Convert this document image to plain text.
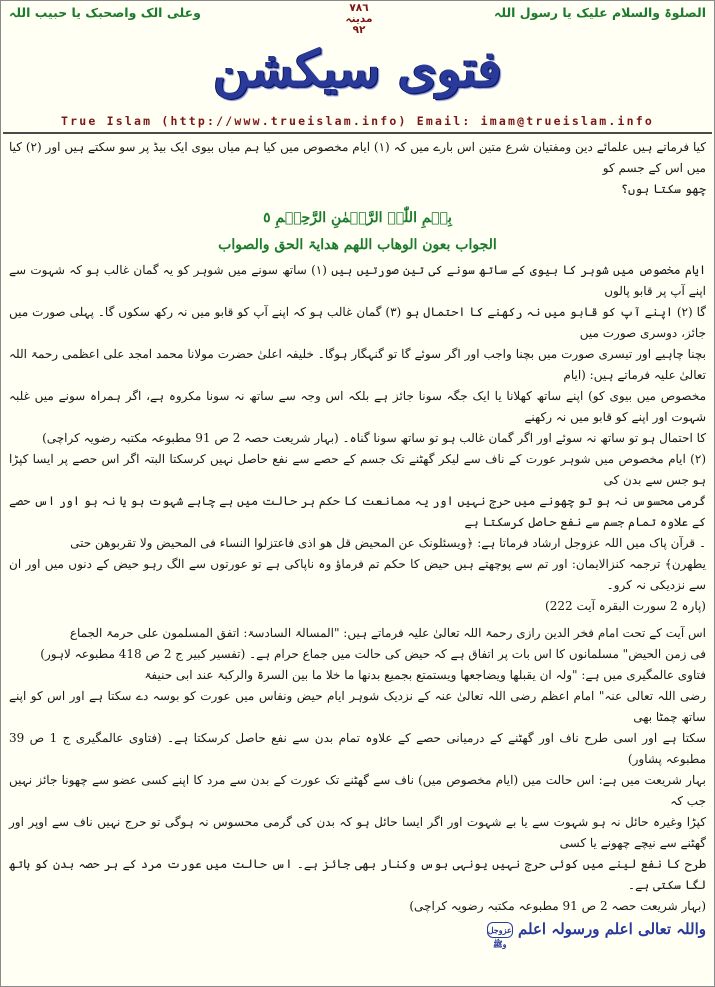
الصلوۃ والسلام علیک یا رسول اللہ
وعلی الک واصحبک یا حبیب اللہ	٧٨٦
مدینہ
٩٢
فتوی سیکشن
True Islam (http://www.trueislam.info) Email: imam@trueislam.info

کیا فرماتے ہیں علمائے دین ومفتیان شرع متین اس بارے میں کہ (١) ایام مخصوص میں کیا ہم میاں بیوی ایک بیڈ پر سو سکتے ہیں اور (٢) کیا میں اس کے جسم کو

چھو سکتا ہوں؟

بِسۡمِ اللّٰہِ الرَّحۡمٰنِ الرَّحِیۡمِ ٥

الجواب بعون الوھاب اللھم ھدایۃ الحق والصواب

ایام مخصوص میں شوہر کا بیوی کے ساتھ سونے کی تین صورتیں ہیں (١) ساتھ سونے میں شوہر کو یہ گمان غالب ہو کہ شہوت سے اپنے آپ پر قابو پالوں

گا (٢) اپنے آپ کو قابو میں نہ رکھنے کا احتمال ہو (٣) گمان غالب ہو کہ اپنے آپ کو قابو میں نہ رکھ سکوں گا۔ پہلی صورت میں جائز، دوسری صورت میں

بچنا چاہیے اور تیسری صورت میں بچنا واجب اور اگر سوئے گا تو گنہگار ہوگا۔ خلیفہ اعلیٰ حضرت مولانا محمد امجد علی اعظمی رحمۃ اللہ تعالیٰ علیہ فرماتے ہیں: (ایام

مخصوص میں بیوی کو) اپنے ساتھ کھلانا یا ایک جگہ سونا جائز ہے بلکہ اس وجہ سے ساتھ نہ سونا مکروہ ہے، اگر ہمراہ سونے میں غلبہ شہوت اور اپنے کو قابو میں نہ رکھنے

کا احتمال ہو تو ساتھ نہ سوئے اور اگر گمان غالب ہو تو ساتھ سونا گناہ۔ (بہار شریعت حصہ 2 ص 91 مطبوعہ مکتبہ رضویہ کراچی)

(٢) ایام مخصوص میں شوہر عورت کے ناف سے لیکر گھٹنے تک جسم کے حصے سے نفع حاصل نہیں کرسکتا البتہ اگر اس حصے پر ایسا کپڑا ہو جس سے بدن کی

گرمی محسوس نہ ہو تو چھونے میں حرج نہیں اور یہ ممانعت کا حکم ہر حالت میں ہے چاہے شہوت ہو یا نہ ہو اور اس حصے کے علاوہ تمام جسم سے نفع حاصل کرسکتا ہے

۔ قرآن پاک میں اللہ عزوجل ارشاد فرماتا ہے: ﴿ویسئلونک عن المحیض قل ھو اذی فاعتزلوا النساء فی المحیض ولا تقربوھن حتی

یطھرن﴾ ترجمہ کنزالایمان: اور تم سے پوچھتے ہیں حیض کا حکم تم فرماؤ وہ ناپاکی ہے تو عورتوں سے الگ رہو حیض کے دنوں میں اور ان سے نزدیکی نہ کرو۔

(پارہ 2 سورت البقرہ آیت 222)

اس آیت کے تحت امام فخر الدین رازی رحمۃ اللہ تعالیٰ علیہ فرماتے ہیں: "المسالۃ السادسۃ: اتفق المسلمون علی حرمۃ الجماع

فی زمن الحیض" مسلمانوں کا اس بات پر اتفاق ہے کہ حیض کی حالت میں جماع حرام ہے۔ (تفسیر کبیر ج 2 ص 418 مطبوعہ لاہور)

فتاوی عالمگیری میں ہے: "ولہ ان یقبلھا ویضاجعھا ویستمتع بجمیع بدنھا ما خلا ما بین السرۃ والرکبۃ عند ابی حنیفۃ

رضی اللہ تعالی عنہ" امام اعظم رضی اللہ تعالیٰ عنہ کے نزدیک شوہر ایام حیض ونفاس میں عورت کو بوسہ دے سکتا ہے اور اس کو اپنے ساتھ چمٹا بھی

سکتا ہے اور اسی طرح ناف اور گھٹنے کے درمیانی حصے کے علاوہ تمام بدن سے نفع حاصل کرسکتا ہے۔ (فتاوی عالمگیری ج 1 ص 39 مطبوعہ پشاور)

بہار شریعت میں ہے: اس حالت میں (ایام مخصوص میں) ناف سے گھٹنے تک عورت کے بدن سے مرد کا اپنے کسی عضو سے چھونا جائز نہیں جب کہ

کپڑا وغیرہ حائل نہ ہو شہوت سے یا بے شہوت اور اگر ایسا حائل ہو کہ بدن کی گرمی محسوس نہ ہوگی تو حرج نہیں ناف سے اوپر اور گھٹنے سے نیچے چھونے یا کسی

طرح کا نفع لینے میں کوئی حرج نہیں یونہی بوس وکنار بھی جائز ہے۔ اس حالت میں عورت مرد کے ہر حصہ بدن کو ہاتھ لگا سکتی ہے۔

(بہار شریعت حصہ 2 ص 91 مطبوعہ مکتبہ رضویہ کراچی)

واللہ تعالی اعلم ورسولہ اعلم عزوجل وﷺ
